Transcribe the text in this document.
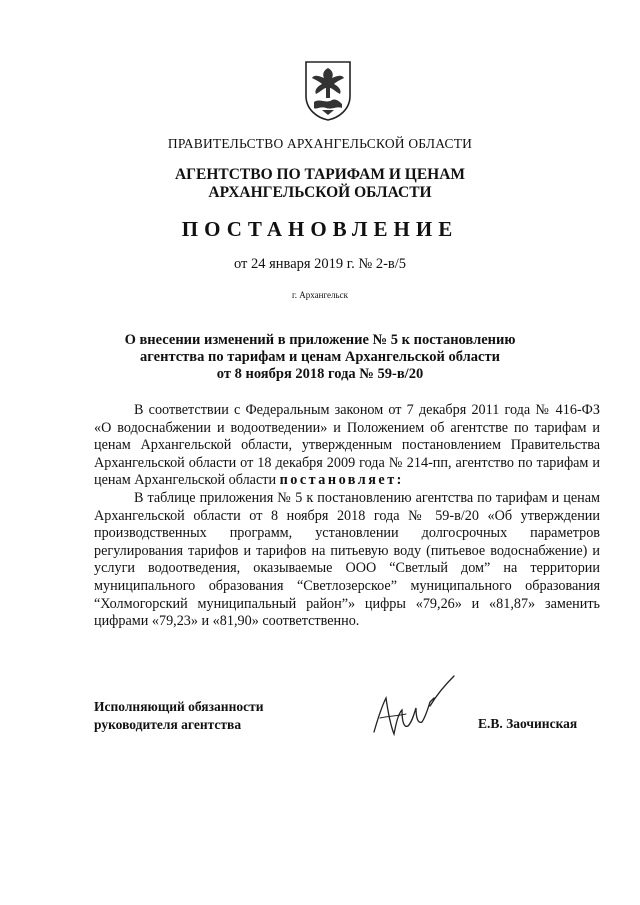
ПРАВИТЕЛЬСТВО АРХАНГЕЛЬСКОЙ ОБЛАСТИ
АГЕНТСТВО ПО ТАРИФАМ И ЦЕНАМ
АРХАНГЕЛЬСКОЙ ОБЛАСТИ
ПОСТАНОВЛЕНИЕ
от 24 января 2019 г. № 2-в/5
г. Архангельск
О внесении изменений в приложение № 5 к постановлению
агентства по тарифам и ценам Архангельской области
от 8 ноября 2018 года № 59-в/20

В соответствии с Федеральным законом от 7 декабря 2011 года № 416-ФЗ «О водоснабжении и водоотведении» и Положением об агентстве по тарифам и ценам Архангельской области, утвержденным постановлением Правительства Архангельской области от 18 декабря 2009 года № 214-пп, агентство по тарифам и ценам Архангельской области постановляет:

В таблице приложения № 5 к постановлению агентства по тарифам и ценам Архангельской области от 8 ноября 2018 года № 59-в/20 «Об утверждении производственных программ, установлении долгосрочных параметров регулирования тарифов и тарифов на питьевую воду (питьевое водоснабжение) и услуги водоотведения, оказываемые ООО “Светлый дом” на территории муниципального образования “Светлозерское” муниципального образования “Холмогорский муниципальный район”» цифры «79,26» и «81,87» заменить цифрами «79,23» и «81,90» соответственно.

Исполняющий обязанности
руководителя агентства	Е.В. Заочинская
